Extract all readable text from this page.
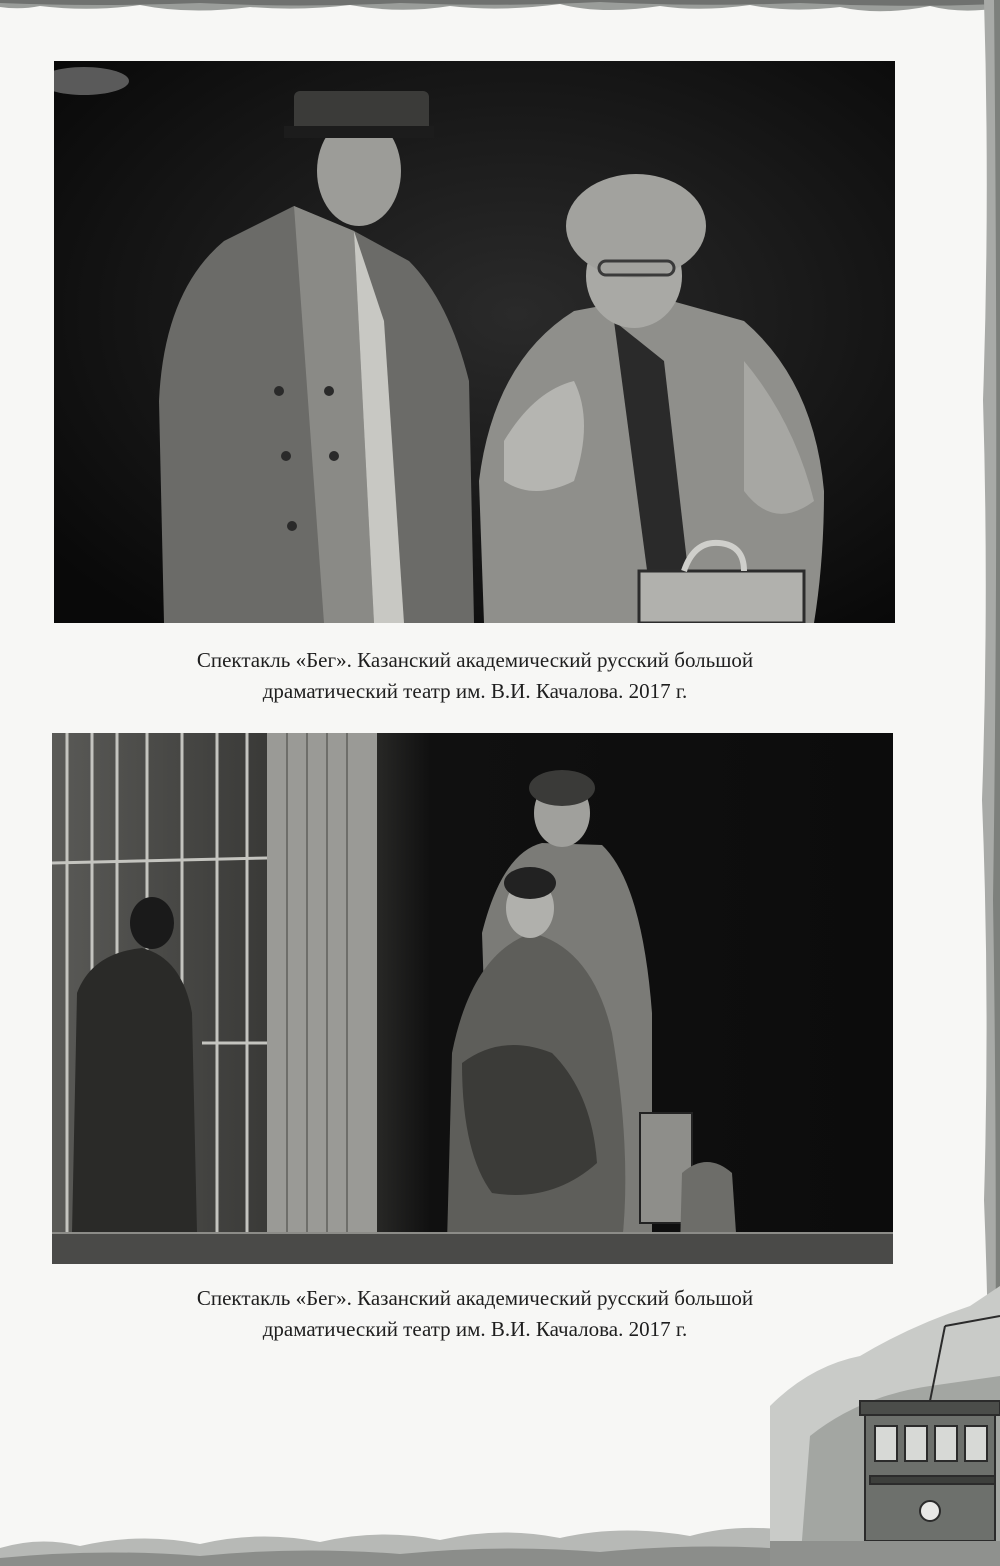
Спектакль «Бег». Казанский академический русский большой
драматический театр им. В.И. Качалова. 2017 г.
Спектакль «Бег». Казанский академический русский большой
драматический театр им. В.И. Качалова. 2017 г.
